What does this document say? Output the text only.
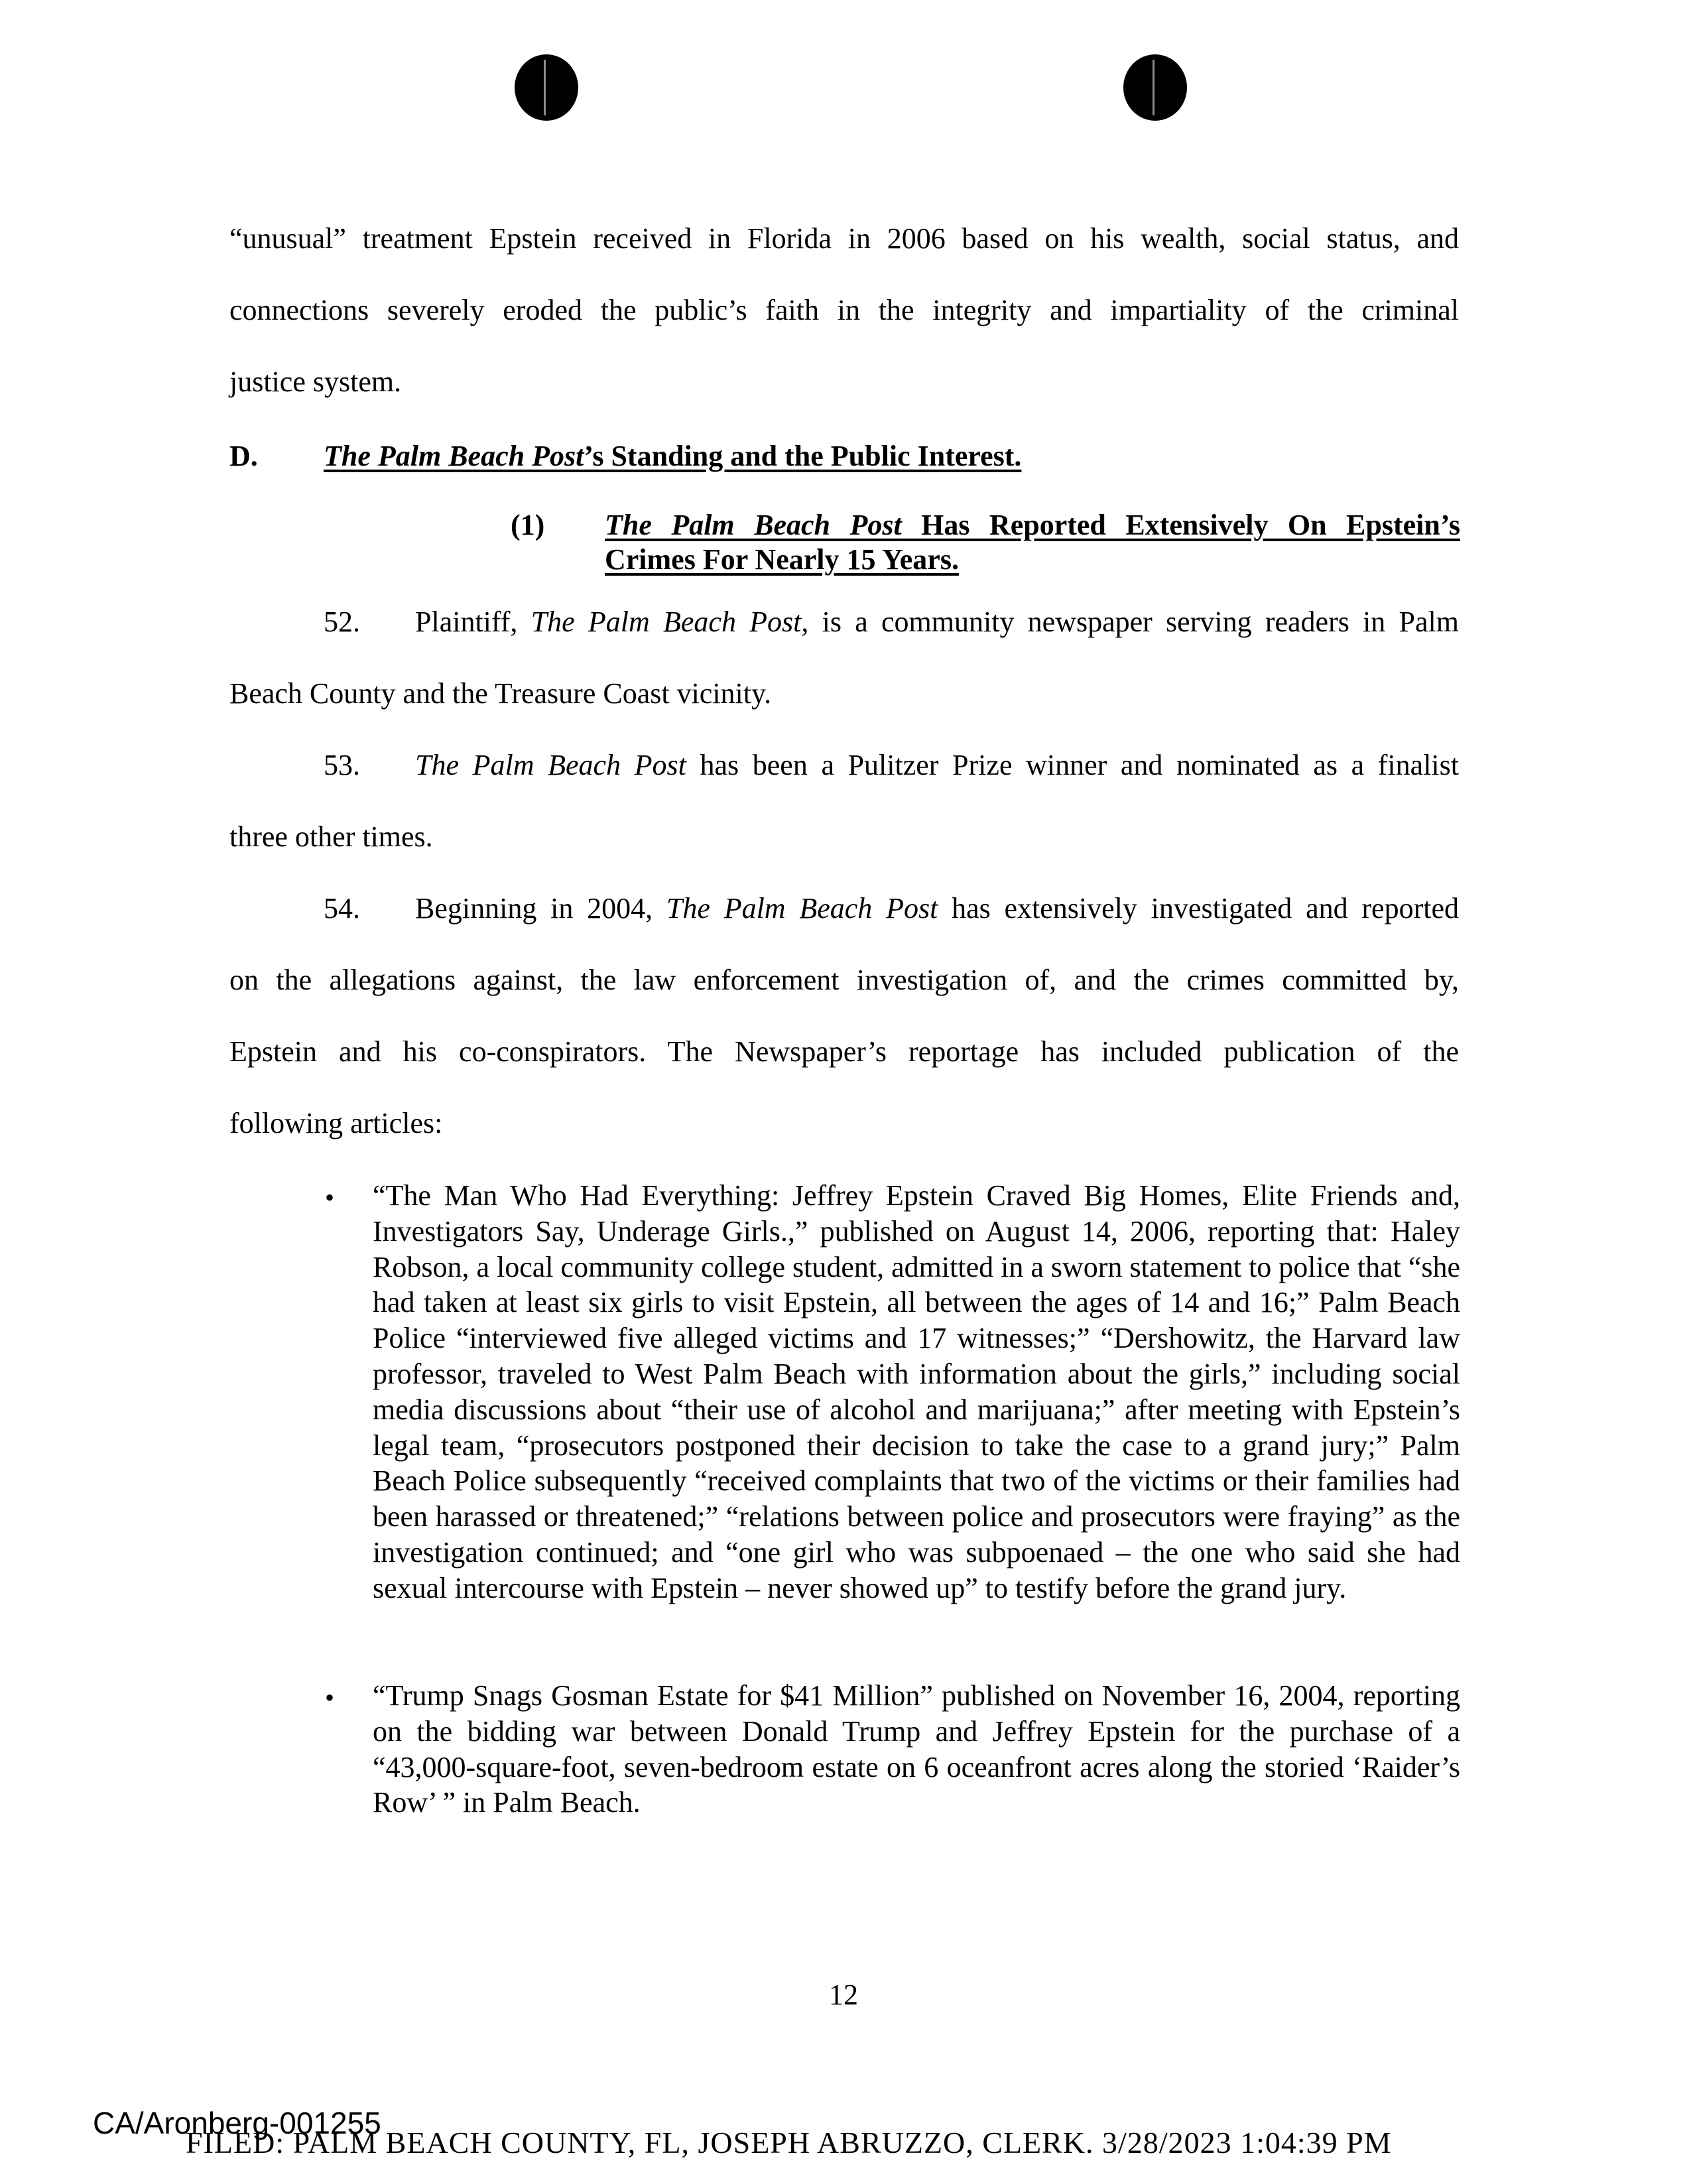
“unusual” treatment Epstein received in Florida in 2006 based on his wealth, social status, and
connections severely eroded the public’s faith in the integrity and impartiality of the criminal
justice system.
D. The Palm Beach Post’s Standing and the Public Interest.
(1) The Palm Beach Post Has Reported Extensively On Epstein’s Crimes For Nearly 15 Years.
52. Plaintiff, The Palm Beach Post, is a community newspaper serving readers in Palm
Beach County and the Treasure Coast vicinity.
53. The Palm Beach Post has been a Pulitzer Prize winner and nominated as a finalist
three other times.
54. Beginning in 2004, The Palm Beach Post has extensively investigated and reported
on the allegations against, the law enforcement investigation of, and the crimes committed by,
Epstein and his co-conspirators. The Newspaper’s reportage has included publication of the
following articles:
• “The Man Who Had Everything: Jeffrey Epstein Craved Big Homes, Elite Friends and, Investigators Say, Underage Girls.,” published on August 14, 2006, reporting that: Haley Robson, a local community college student, admitted in a sworn statement to police that “she had taken at least six girls to visit Epstein, all between the ages of 14 and 16;” Palm Beach Police “interviewed five alleged victims and 17 witnesses;” “Dershowitz, the Harvard law professor, traveled to West Palm Beach with information about the girls,” including social media discussions about “their use of alcohol and marijuana;” after meeting with Epstein’s legal team, “prosecutors postponed their decision to take the case to a grand jury;” Palm Beach Police subsequently “received complaints that two of the victims or their families had been harassed or threatened;” “relations between police and prosecutors were fraying” as the investigation continued; and “one girl who was subpoenaed – the one who said she had sexual intercourse with Epstein – never showed up” to testify before the grand jury.
• “Trump Snags Gosman Estate for $41 Million” published on November 16, 2004, reporting on the bidding war between Donald Trump and Jeffrey Epstein for the purchase of a “43,000-square-foot, seven-bedroom estate on 6 oceanfront acres along the storied ‘Raider’s Row’ ” in Palm Beach.
12
CA/Aronberg-001255
FILED: PALM BEACH COUNTY, FL, JOSEPH ABRUZZO, CLERK. 3/28/2023 1:04:39 PM
